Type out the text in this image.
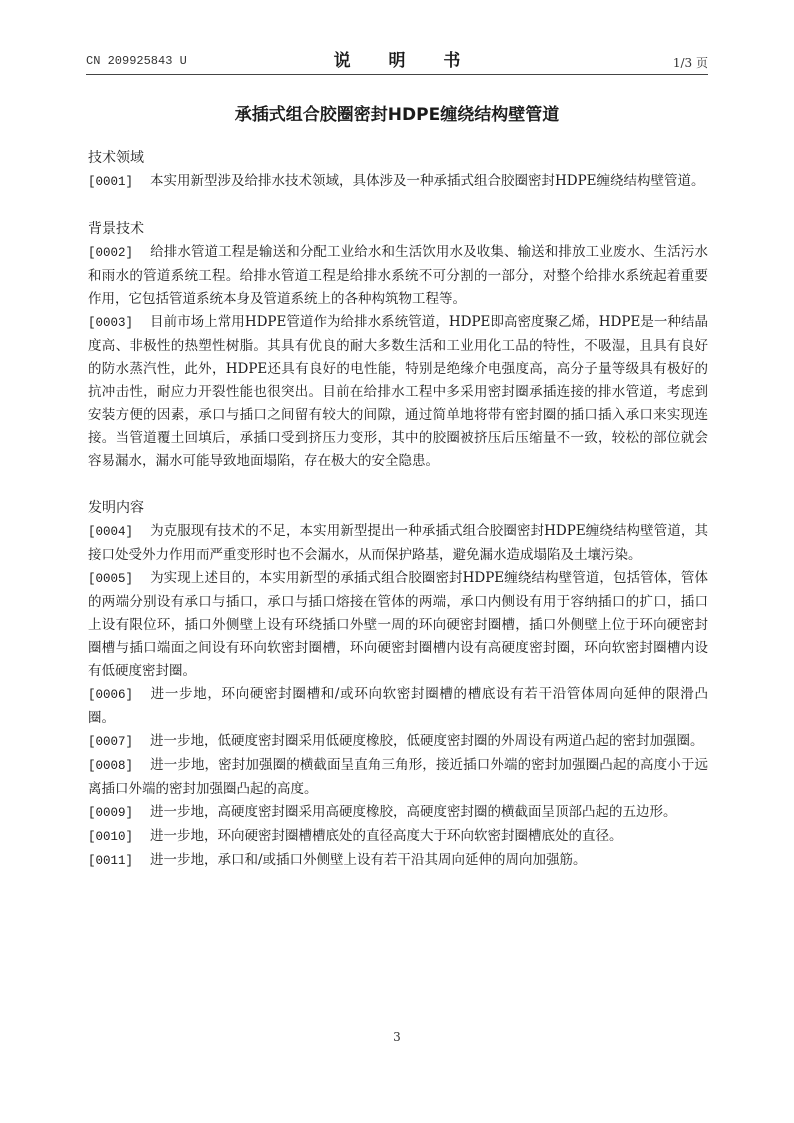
CN 209925843 U	说 明 书	1/3 页
承插式组合胶圈密封HDPE缠绕结构壁管道
技术领域

[0001] 本实用新型涉及给排水技术领域，具体涉及一种承插式组合胶圈密封HDPE缠绕结构壁管道。

背景技术

[0002] 给排水管道工程是输送和分配工业给水和生活饮用水及收集、输送和排放工业废水、生活污水和雨水的管道系统工程。给排水管道工程是给排水系统不可分割的一部分，对整个给排水系统起着重要作用，它包括管道系统本身及管道系统上的各种构筑物工程等。

[0003] 目前市场上常用HDPE管道作为给排水系统管道，HDPE即高密度聚乙烯，HDPE是一种结晶度高、非极性的热塑性树脂。其具有优良的耐大多数生活和工业用化工品的特性，不吸湿，且具有良好的防水蒸汽性，此外，HDPE还具有良好的电性能，特别是绝缘介电强度高，高分子量等级具有极好的抗冲击性，耐应力开裂性能也很突出。目前在给排水工程中多采用密封圈承插连接的排水管道，考虑到安装方便的因素，承口与插口之间留有较大的间隙，通过简单地将带有密封圈的插口插入承口来实现连接。当管道覆土回填后，承插口受到挤压力变形，其中的胶圈被挤压后压缩量不一致，较松的部位就会容易漏水，漏水可能导致地面塌陷，存在极大的安全隐患。

发明内容

[0004] 为克服现有技术的不足，本实用新型提出一种承插式组合胶圈密封HDPE缠绕结构壁管道，其接口处受外力作用而严重变形时也不会漏水，从而保护路基，避免漏水造成塌陷及土壤污染。

[0005] 为实现上述目的，本实用新型的承插式组合胶圈密封HDPE缠绕结构壁管道，包括管体，管体的两端分别设有承口与插口，承口与插口熔接在管体的两端，承口内侧设有用于容纳插口的扩口，插口上设有限位环，插口外侧壁上设有环绕插口外壁一周的环向硬密封圈槽，插口外侧壁上位于环向硬密封圈槽与插口端面之间设有环向软密封圈槽，环向硬密封圈槽内设有高硬度密封圈，环向软密封圈槽内设有低硬度密封圈。

[0006] 进一步地，环向硬密封圈槽和/或环向软密封圈槽的槽底设有若干沿管体周向延伸的限滑凸圈。

[0007] 进一步地，低硬度密封圈采用低硬度橡胶，低硬度密封圈的外周设有两道凸起的密封加强圈。

[0008] 进一步地，密封加强圈的横截面呈直角三角形，接近插口外端的密封加强圈凸起的高度小于远离插口外端的密封加强圈凸起的高度。

[0009] 进一步地，高硬度密封圈采用高硬度橡胶，高硬度密封圈的横截面呈顶部凸起的五边形。

[0010] 进一步地，环向硬密封圈槽槽底处的直径高度大于环向软密封圈槽底处的直径。

[0011] 进一步地，承口和/或插口外侧壁上设有若干沿其周向延伸的周向加强筋。

3
